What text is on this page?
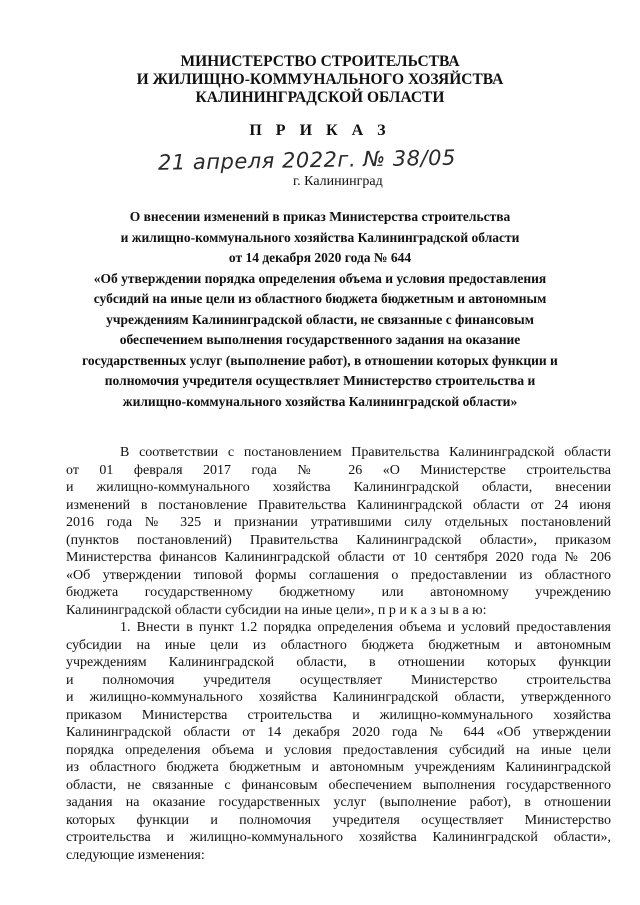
МИНИСТЕРСТВО СТРОИТЕЛЬСТВА
И ЖИЛИЩНО-КОММУНАЛЬНОГО ХОЗЯЙСТВА
КАЛИНИНГРАДСКОЙ ОБЛАСТИ
П Р И К А З
21 апреля 2022г. № 38/05
г. Калининград
О внесении изменений в приказ Министерства строительства
и жилищно-коммунального хозяйства Калининградской области
от 14 декабря 2020 года № 644
«Об утверждении порядка определения объема и условия предоставления
субсидий на иные цели из областного бюджета бюджетным и автономным
учреждениям Калининградской области, не связанные с финансовым
обеспечением выполнения государственного задания на оказание
государственных услуг (выполнение работ), в отношении которых функции и
полномочия учредителя осуществляет Министерство строительства и
жилищно-коммунального хозяйства Калининградской области»
В соответствии с постановлением Правительства Калининградской области
от 01 февраля 2017 года № 26 «О Министерстве строительства
и жилищно-коммунального хозяйства Калининградской области, внесении
изменений в постановление Правительства Калининградской области от 24 июня
2016 года № 325 и признании утратившими силу отдельных постановлений
(пунктов постановлений) Правительства Калининградской области», приказом
Министерства финансов Калининградской области от 10 сентября 2020 года № 206
«Об утверждении типовой формы соглашения о предоставлении из областного
бюджета государственному бюджетному или автономному учреждению
Калининградской области субсидии на иные цели», п р и к а з ы в а ю:
1. Внести в пункт 1.2 порядка определения объема и условий предоставления
субсидии на иные цели из областного бюджета бюджетным и автономным
учреждениям Калининградской области, в отношении которых функции
и полномочия учредителя осуществляет Министерство строительства
и жилищно-коммунального хозяйства Калининградской области, утвержденного
приказом Министерства строительства и жилищно-коммунального хозяйства
Калининградской области от 14 декабря 2020 года № 644 «Об утверждении
порядка определения объема и условия предоставления субсидий на иные цели
из областного бюджета бюджетным и автономным учреждениям Калининградской
области, не связанные с финансовым обеспечением выполнения государственного
задания на оказание государственных услуг (выполнение работ), в отношении
которых функции и полномочия учредителя осуществляет Министерство
строительства и жилищно-коммунального хозяйства Калининградской области»,
следующие изменения:
